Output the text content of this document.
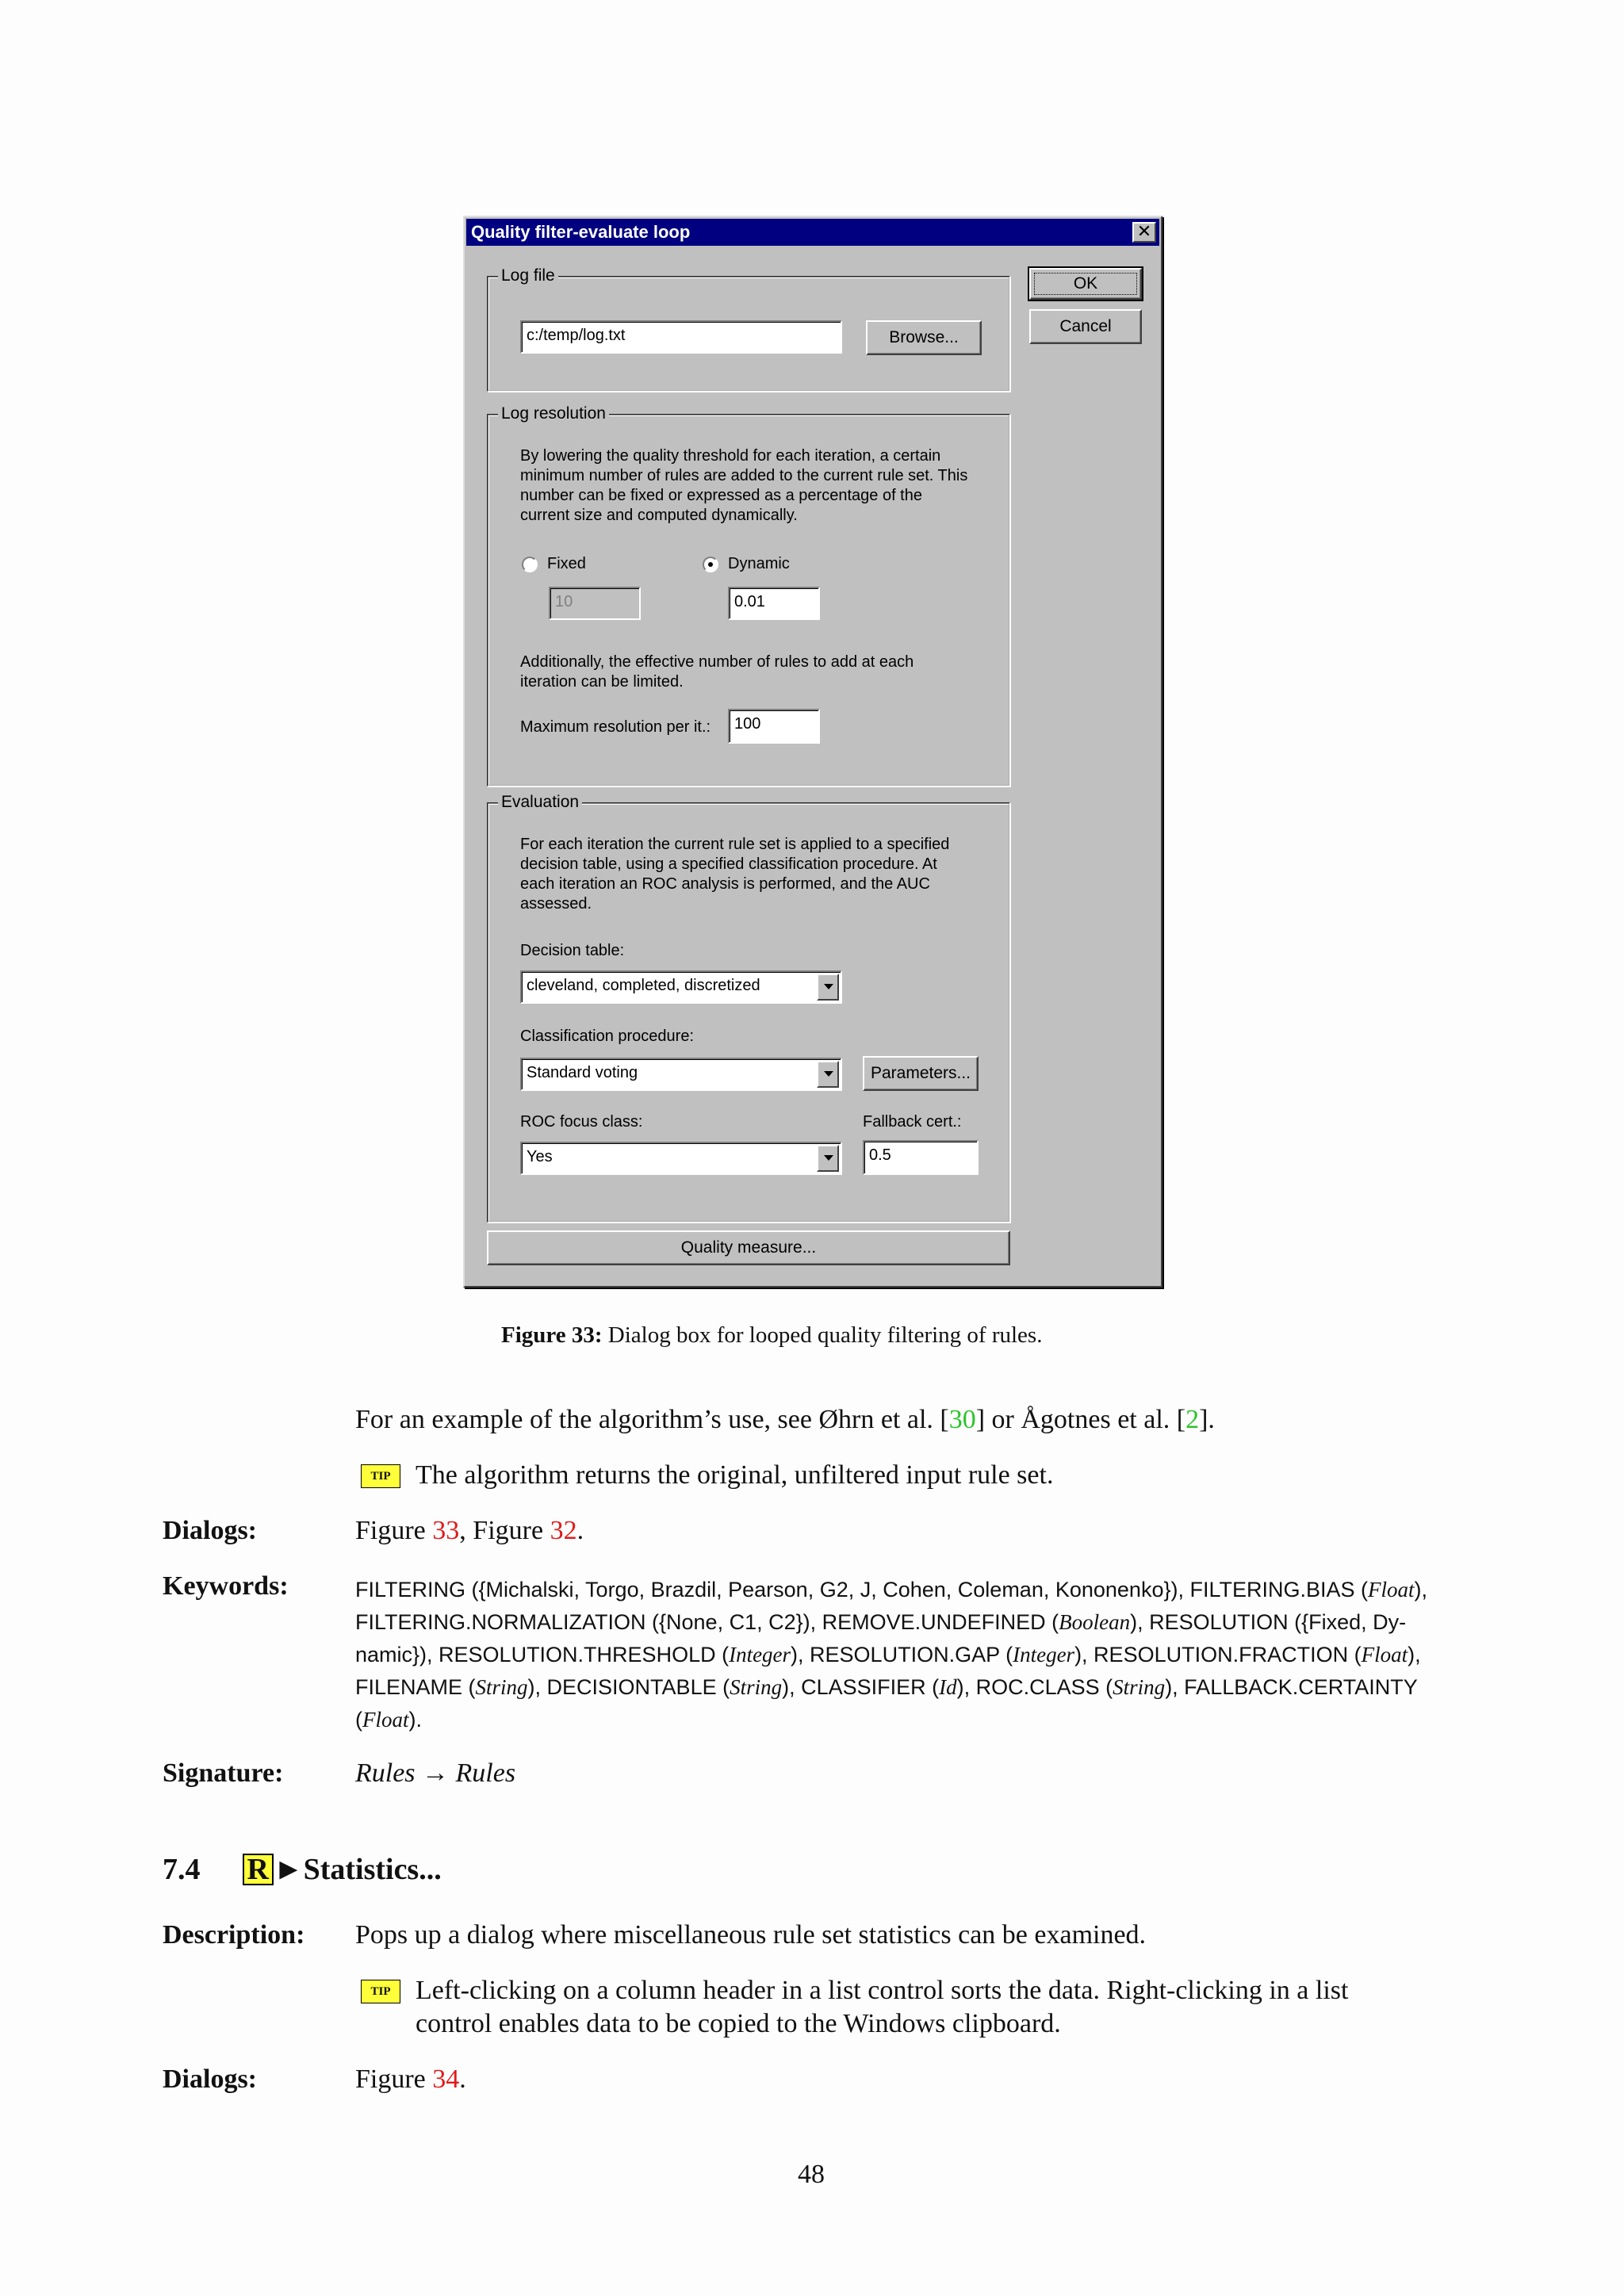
Quality filter-evaluate loop	✕
OK
Cancel
Log file
c:/temp/log.txt	Browse...
Log resolution
By lowering the quality threshold for each iteration, a certain
minimum number of rules are added to the current rule set. This
number can be fixed or expressed as a percentage of the
current size and computed dynamically.
Fixed	Dynamic
10	0.01
Additionally, the effective number of rules to add at each
iteration can be limited.
Maximum resolution per it.:	100
Evaluation
For each iteration the current rule set is applied to a specified
decision table, using a specified classification procedure. At
each iteration an ROC analysis is performed, and the AUC
assessed.
Decision table:
cleveland, completed, discretized
Classification procedure:
Standard voting	Parameters...
ROC focus class:	Fallback cert.:
Yes	0.5
Quality measure...
Figure 33: Dialog box for looped quality filtering of rules.
For an example of the algorithm’s use, see Øhrn et al. [30] or Ågotnes et al. [2].
TIP The algorithm returns the original, unfiltered input rule set.
Dialogs:	Figure 33, Figure 32.
Keywords:	FILTERING ({Michalski, Torgo, Brazdil, Pearson, G2, J, Cohen, Coleman, Kononenko}), FILTERING.BIAS (Float),

FILTERING.NORMALIZATION ({None, C1, C2}), REMOVE.UNDEFINED (Boolean), RESOLUTION ({Fixed, Dy-

namic}), RESOLUTION.THRESHOLD (Integer), RESOLUTION.GAP (Integer), RESOLUTION.FRACTION (Float),

FILENAME (String), DECISIONTABLE (String), CLASSIFIER (Id), ROC.CLASS (String), FALLBACK.CERTAINTY

(Float).

Signature:	Rules → Rules
7.4 R ►Statistics...
Description: Pops up a dialog where miscellaneous rule set statistics can be examined.
TIP Left-clicking on a column header in a list control sorts the data. Right-clicking in a list
control enables data to be copied to the Windows clipboard.
Dialogs:	Figure 34.
48
